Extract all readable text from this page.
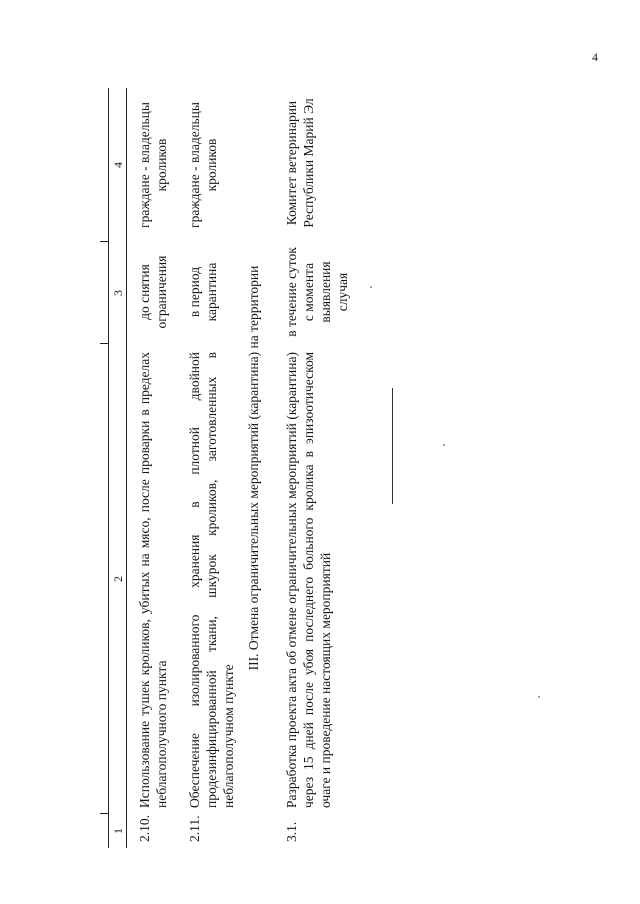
4
1
2
3
4
2.10.
Использование тушек кроликов, убитых на мясо, после проварки в пределах неблагополучного пункта
до снятия ограничения
граждане - владельцы кроликов
2.11.
Обеспечение изолированного хранения в плотной двойной продезинфицированной ткани, шкурок кроликов, заготовленных в неблагополучном пункте
в период карантина
граждане - владельцы кроликов
III. Отмена ограничительных мероприятий (карантина) на территории
3.1.
Разработка проекта акта об отмене ограничительных мероприятий (карантина) через 15 дней после убоя последнего больного кролика в эпизоотическом очаге и проведение настоящих мероприятий
в течение суток с момента выявления случая
Комитет ветеринарии Республики Марий Эл
